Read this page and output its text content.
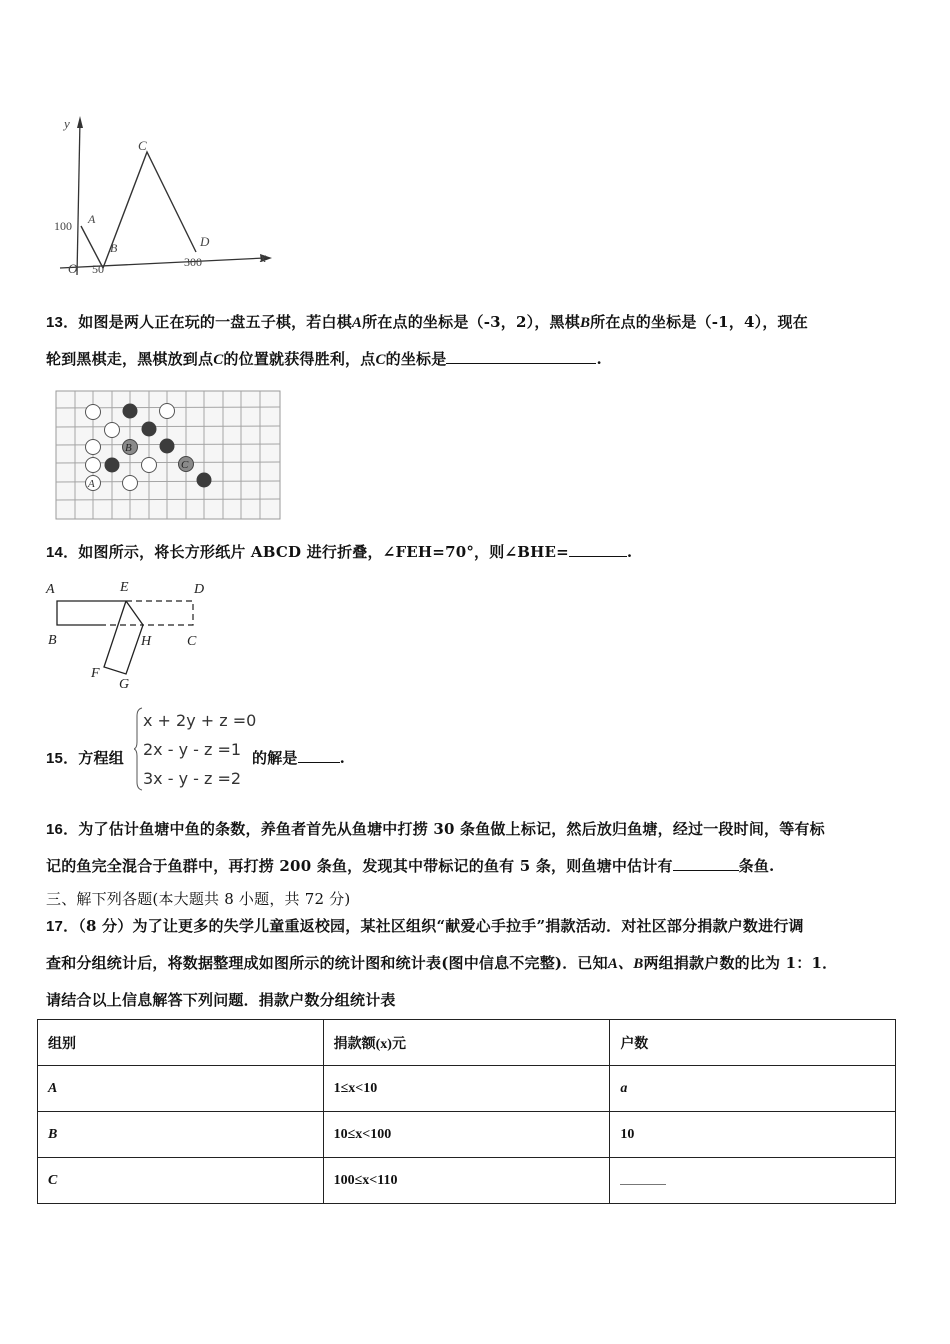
y
x
O
100
50	300
A
B
C
D
13．如图是两人正在玩的一盘五子棋，若白棋A所在点的坐标是（-3，2），黑棋B所在点的坐标是（-1，4），现在
轮到黑棋走，黑棋放到点C的位置就获得胜利，点C的坐标是	.
A
B
C
14．如图所示，将长方形纸片 ABCD 进行折叠，∠FEH=70°，则∠BHE=	.
A	E	D
B	H	C
F
G
15．方程组
x + 2y + z =0
2x - y - z =1
3x - y - z =2
的解是	.
16．为了估计鱼塘中鱼的条数，养鱼者首先从鱼塘中打捞 30 条鱼做上标记，然后放归鱼塘，经过一段时间，等有标
记的鱼完全混合于鱼群中，再打捞 200 条鱼，发现其中带标记的鱼有 5 条，则鱼塘中估计有	条鱼.
三、解下列各题(本大题共 8 小题，共 72 分)
17．（8 分）为了让更多的失学儿童重返校园，某社区组织“献爱心手拉手”捐款活动．对社区部分捐款户数进行调
查和分组统计后，将数据整理成如图所示的统计图和统计表(图中信息不完整)．已知A、B两组捐款户数的比为 1：1．
请结合以上信息解答下列问题．捐款户数分组统计表
组别	捐款额(x)元	户数
A	1≤x<10	a
B	10≤x<100	10
C	100≤x<110	
